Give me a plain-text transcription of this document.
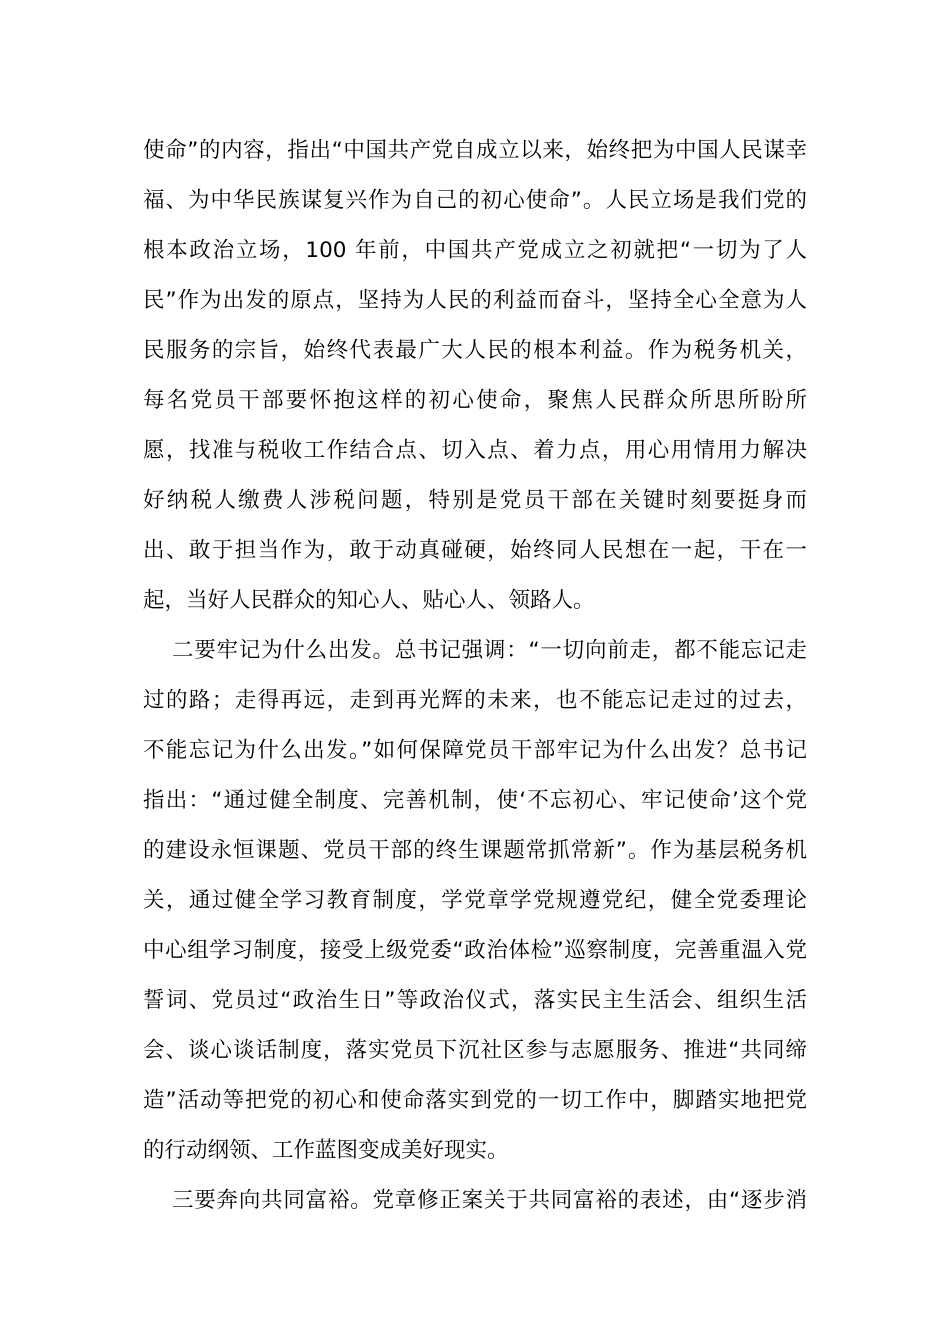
使命”的内容，指出“中国共产党自成立以来，始终把为中国人民谋幸
福、为中华民族谋复兴作为自己的初心使命”。人民立场是我们党的
根本政治立场，100 年前，中国共产党成立之初就把“一切为了人
民”作为出发的原点，坚持为人民的利益而奋斗，坚持全心全意为人
民服务的宗旨，始终代表最广大人民的根本利益。作为税务机关，
每名党员干部要怀抱这样的初心使命，聚焦人民群众所思所盼所
愿，找准与税收工作结合点、切入点、着力点，用心用情用力解决
好纳税人缴费人涉税问题，特别是党员干部在关键时刻要挺身而
出、敢于担当作为，敢于动真碰硬，始终同人民想在一起，干在一
起，当好人民群众的知心人、贴心人、领路人。
二要牢记为什么出发。总书记强调：“一切向前走，都不能忘记走
过的路；走得再远，走到再光辉的未来，也不能忘记走过的过去，
不能忘记为什么出发。”如何保障党员干部牢记为什么出发？总书记
指出：“通过健全制度、完善机制，使‘不忘初心、牢记使命’这个党
的建设永恒课题、党员干部的终生课题常抓常新”。作为基层税务机
关，通过健全学习教育制度，学党章学党规遵党纪，健全党委理论
中心组学习制度，接受上级党委“政治体检”巡察制度，完善重温入党
誓词、党员过“政治生日”等政治仪式，落实民主生活会、组织生活
会、谈心谈话制度，落实党员下沉社区参与志愿服务、推进“共同缔
造”活动等把党的初心和使命落实到党的一切工作中，脚踏实地把党
的行动纲领、工作蓝图变成美好现实。
三要奔向共同富裕。党章修正案关于共同富裕的表述，由“逐步消
